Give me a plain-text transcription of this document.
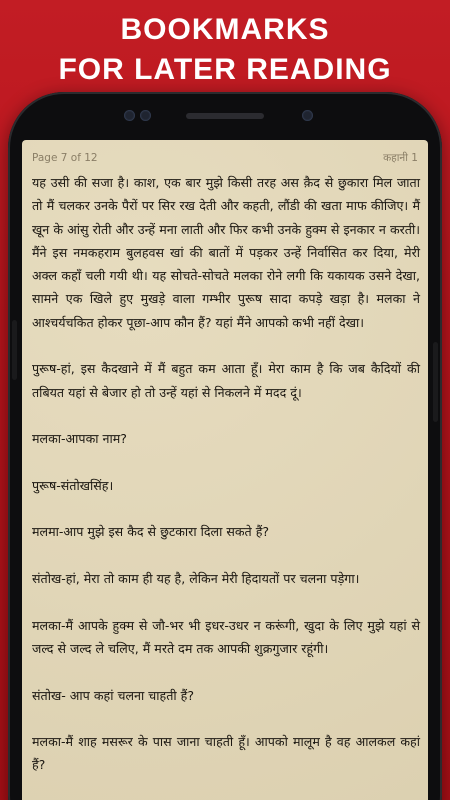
BOOKMARKS
FOR LATER READING
Page 7 of 12	कहानी 1

यह उसी की सजा है। काश, एक बार मुझे किसी तरह अस क़ैद से छुकारा मिल जाता तो मैं चलकर उनके पैरों पर सिर रख देती और कहती, लौंडी की खता माफ कीजिए। मैं खून के आंसु रोती और उन्हें मना लाती और फिर कभी उनके हुक्म से इनकार न करती। मैंने इस नमकहराम बुलहवस खां की बातों में पड़कर उन्हें निर्वासित कर दिया, मेरी अक्ल कहाँ चली गयी थी। यह सोचते-सोचते मलका रोने लगी कि यकायक उसने देखा, सामने एक खिले हुए मुखड़े वाला गम्भीर पुरूष सादा कपड़े खड़ा है। मलका ने आश्चर्यचकित होकर पूछा-आप कौन हैं? यहां मैंने आपको कभी नहीं देखा।

पुरूष-हां, इस कैदखाने में मैं बहुत कम आता हूँ। मेरा काम है कि जब कैदियों की तबियत यहां से बेजार हो तो उन्हें यहां से निकलने में मदद दूं।

मलका-आपका नाम?

पुरूष-संतोखसिंह।

मलमा-आप मुझे इस कैद से छुटकारा दिला सकते हैं?

संतोख-हां, मेरा तो काम ही यह है, लेकिन मेरी हिदायतों पर चलना पड़ेगा।

मलका-मैं आपके हुक्म से जौ-भर भी इधर-उधर न करूंगी, खुदा के लिए मुझे यहां से जल्द से जल्द ले चलिए, मैं मरते दम तक आपकी शुक्रगुजार रहूंगी।

संतोख- आप कहां चलना चाहती हैं?

मलका-मैं शाह मसरूर के पास जाना चाहती हूँ। आपको मालूम है वह आलकल कहां हैं?
